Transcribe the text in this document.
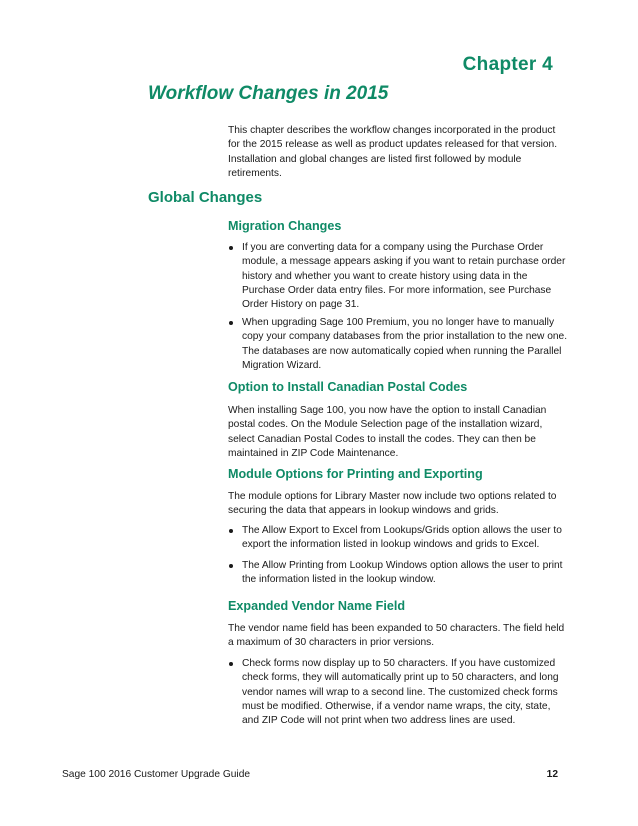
Chapter 4
Workflow Changes in 2015
This chapter describes the workflow changes incorporated in the product for the 2015 release as well as product updates released for that version. Installation and global changes are listed first followed by module retirements.
Global Changes
Migration Changes
If you are converting data for a company using the Purchase Order module, a message appears asking if you want to retain purchase order history and whether you want to create history using data in the Purchase Order data entry files. For more information, see Purchase Order History on page 31.
When upgrading Sage 100 Premium, you no longer have to manually copy your company databases from the prior installation to the new one. The databases are now automatically copied when running the Parallel Migration Wizard.
Option to Install Canadian Postal Codes
When installing Sage 100, you now have the option to install Canadian postal codes. On the Module Selection page of the installation wizard, select Canadian Postal Codes to install the codes. They can then be maintained in ZIP Code Maintenance.
Module Options for Printing and Exporting
The module options for Library Master now include two options related to securing the data that appears in lookup windows and grids.
The Allow Export to Excel from Lookups/Grids option allows the user to export the information listed in lookup windows and grids to Excel.
The Allow Printing from Lookup Windows option allows the user to print the information listed in the lookup window.
Expanded Vendor Name Field
The vendor name field has been expanded to 50 characters. The field held a maximum of 30 characters in prior versions.
Check forms now display up to 50 characters. If you have customized check forms, they will automatically print up to 50 characters, and long vendor names will wrap to a second line. The customized check forms must be modified. Otherwise, if a vendor name wraps, the city, state, and ZIP Code will not print when two address lines are used.
Sage 100 2016 Customer Upgrade Guide	12
